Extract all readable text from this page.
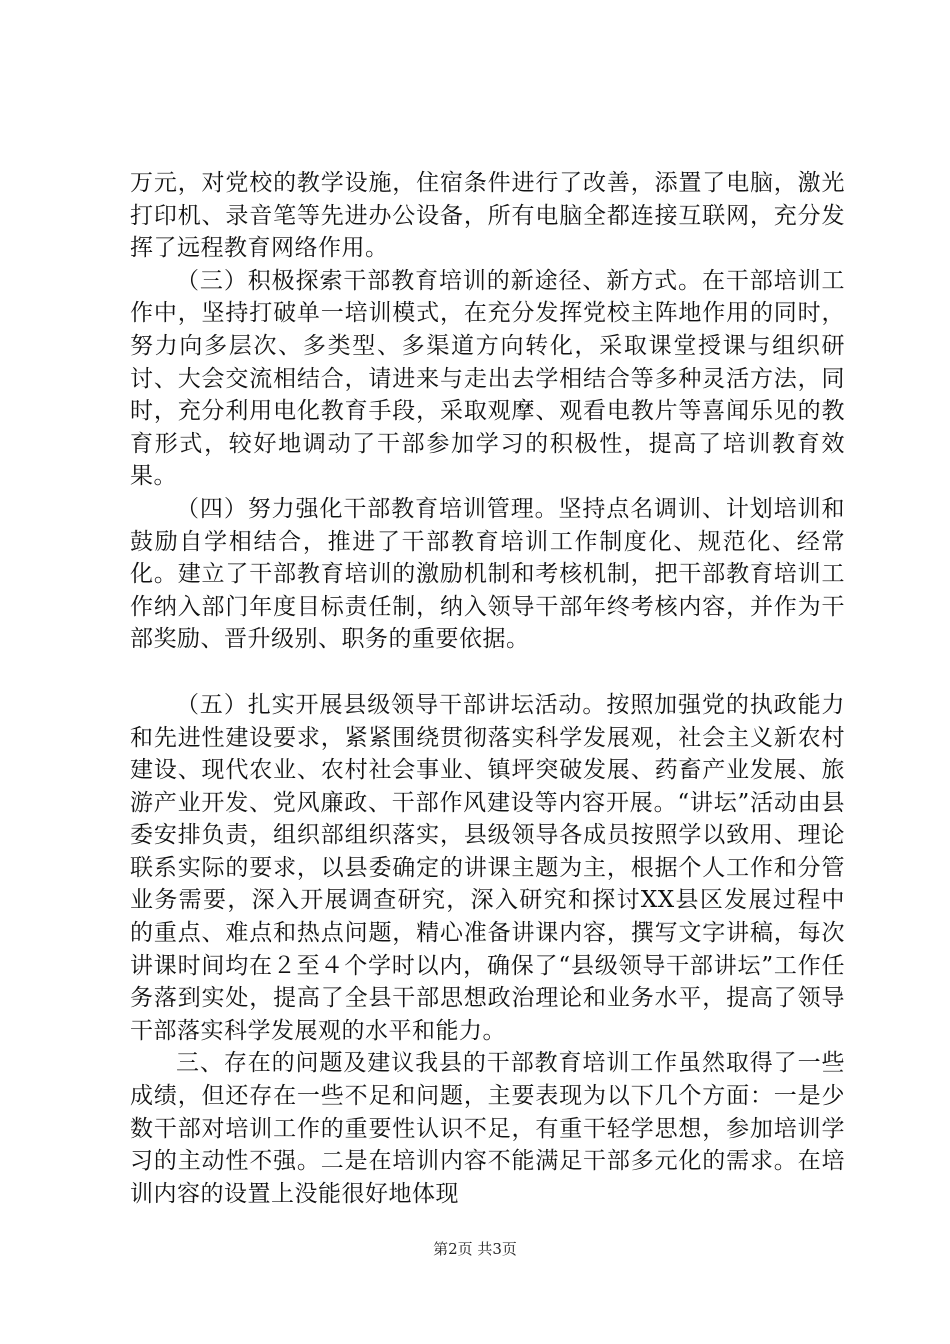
万元，对党校的教学设施，住宿条件进行了改善，添置了电脑，激光打印机、录音笔等先进办公设备，所有电脑全都连接互联网，充分发挥了远程教育网络作用。

（三）积极探索干部教育培训的新途径、新方式。在干部培训工作中，坚持打破单一培训模式，在充分发挥党校主阵地作用的同时，努力向多层次、多类型、多渠道方向转化，采取课堂授课与组织研讨、大会交流相结合，请进来与走出去学相结合等多种灵活方法，同时，充分利用电化教育手段，采取观摩、观看电教片等喜闻乐见的教育形式，较好地调动了干部参加学习的积极性，提高了培训教育效果。

（四）努力强化干部教育培训管理。坚持点名调训、计划培训和鼓励自学相结合，推进了干部教育培训工作制度化、规范化、经常化。建立了干部教育培训的激励机制和考核机制，把干部教育培训工作纳入部门年度目标责任制，纳入领导干部年终考核内容，并作为干部奖励、晋升级别、职务的重要依据。

（五）扎实开展县级领导干部讲坛活动。按照加强党的执政能力和先进性建设要求，紧紧围绕贯彻落实科学发展观，社会主义新农村建设、现代农业、农村社会事业、镇坪突破发展、药畜产业发展、旅游产业开发、党风廉政、干部作风建设等内容开展。“讲坛”活动由县委安排负责，组织部组织落实，县级领导各成员按照学以致用、理论联系实际的要求，以县委确定的讲课主题为主，根据个人工作和分管业务需要，深入开展调查研究，深入研究和探讨XX县区发展过程中的重点、难点和热点问题，精心准备讲课内容，撰写文字讲稿，每次讲课时间均在２至４个学时以内，确保了“县级领导干部讲坛”工作任务落到实处，提高了全县干部思想政治理论和业务水平，提高了领导干部落实科学发展观的水平和能力。

三、存在的问题及建议我县的干部教育培训工作虽然取得了一些成绩，但还存在一些不足和问题，主要表现为以下几个方面：一是少数干部对培训工作的重要性认识不足，有重干轻学思想，参加培训学习的主动性不强。二是在培训内容不能满足干部多元化的需求。在培训内容的设置上没能很好地体现

第2页 共3页
